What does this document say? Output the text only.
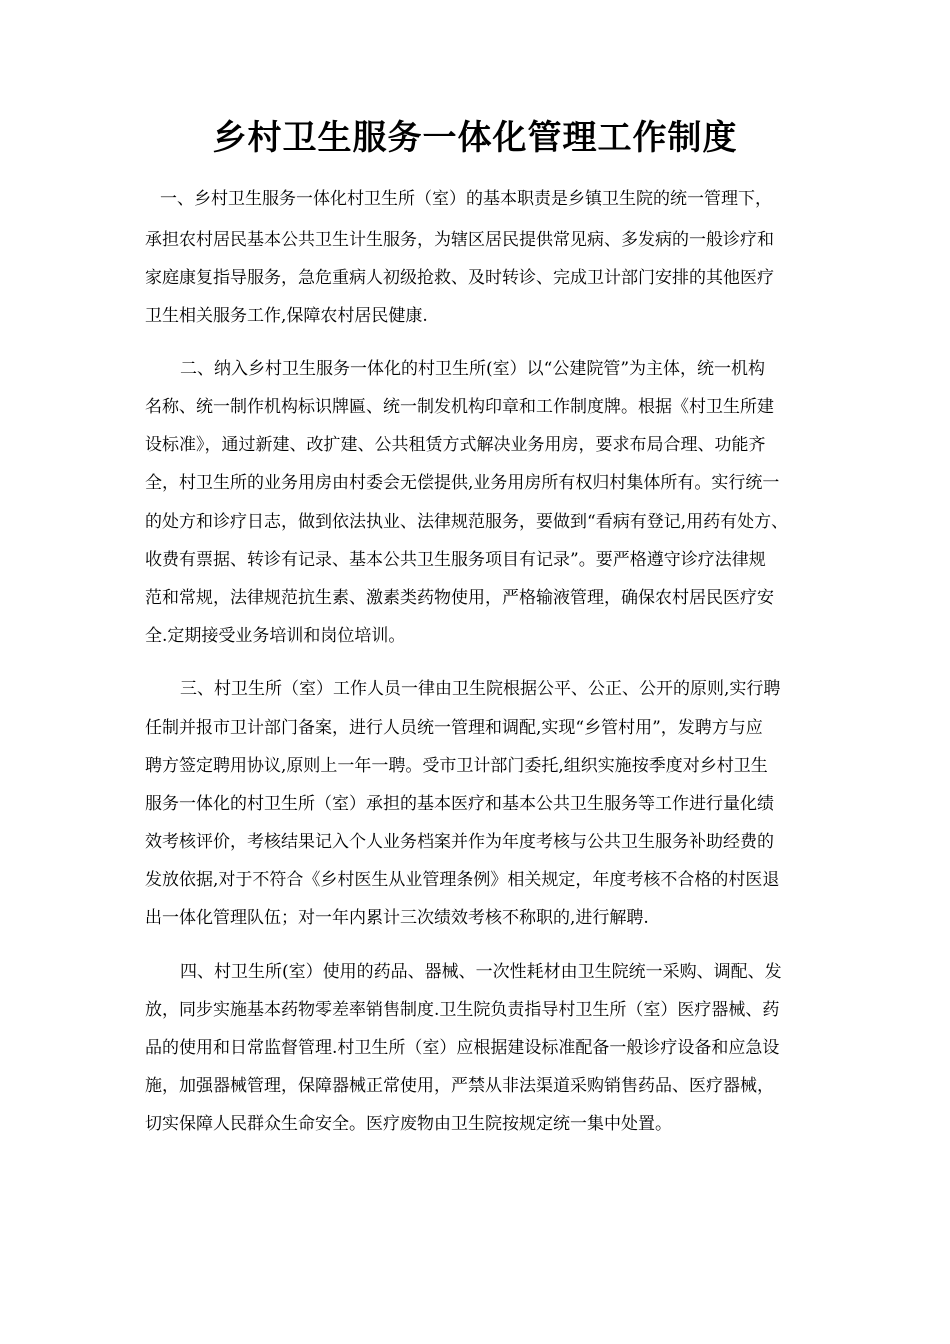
乡村卫生服务一体化管理工作制度
一、乡村卫生服务一体化村卫生所（室）的基本职责是乡镇卫生院的统一管理下，
承担农村居民基本公共卫生计生服务，为辖区居民提供常见病、多发病的一般诊疗和
家庭康复指导服务，急危重病人初级抢救、及时转诊、完成卫计部门安排的其他医疗
卫生相关服务工作,保障农村居民健康.
二、纳入乡村卫生服务一体化的村卫生所(室）以“公建院管”为主体，统一机构
名称、统一制作机构标识牌匾、统一制发机构印章和工作制度牌。根据《村卫生所建
设标准》，通过新建、改扩建、公共租赁方式解决业务用房，要求布局合理、功能齐
全，村卫生所的业务用房由村委会无偿提供,业务用房所有权归村集体所有。实行统一
的处方和诊疗日志，做到依法执业、法律规范服务，要做到“看病有登记,用药有处方、
收费有票据、转诊有记录、基本公共卫生服务项目有记录”。要严格遵守诊疗法律规
范和常规，法律规范抗生素、激素类药物使用，严格输液管理，确保农村居民医疗安
全.定期接受业务培训和岗位培训。
三、村卫生所（室）工作人员一律由卫生院根据公平、公正、公开的原则,实行聘
任制并报市卫计部门备案，进行人员统一管理和调配,实现“乡管村用”，发聘方与应
聘方签定聘用协议,原则上一年一聘。受市卫计部门委托,组织实施按季度对乡村卫生
服务一体化的村卫生所（室）承担的基本医疗和基本公共卫生服务等工作进行量化绩
效考核评价，考核结果记入个人业务档案并作为年度考核与公共卫生服务补助经费的
发放依据,对于不符合《乡村医生从业管理条例》相关规定，年度考核不合格的村医退
出一体化管理队伍；对一年内累计三次绩效考核不称职的,进行解聘.
四、村卫生所(室）使用的药品、器械、一次性耗材由卫生院统一采购、调配、发
放，同步实施基本药物零差率销售制度.卫生院负责指导村卫生所（室）医疗器械、药
品的使用和日常监督管理.村卫生所（室）应根据建设标准配备一般诊疗设备和应急设
施，加强器械管理，保障器械正常使用，严禁从非法渠道采购销售药品、医疗器械，
切实保障人民群众生命安全。医疗废物由卫生院按规定统一集中处置。
